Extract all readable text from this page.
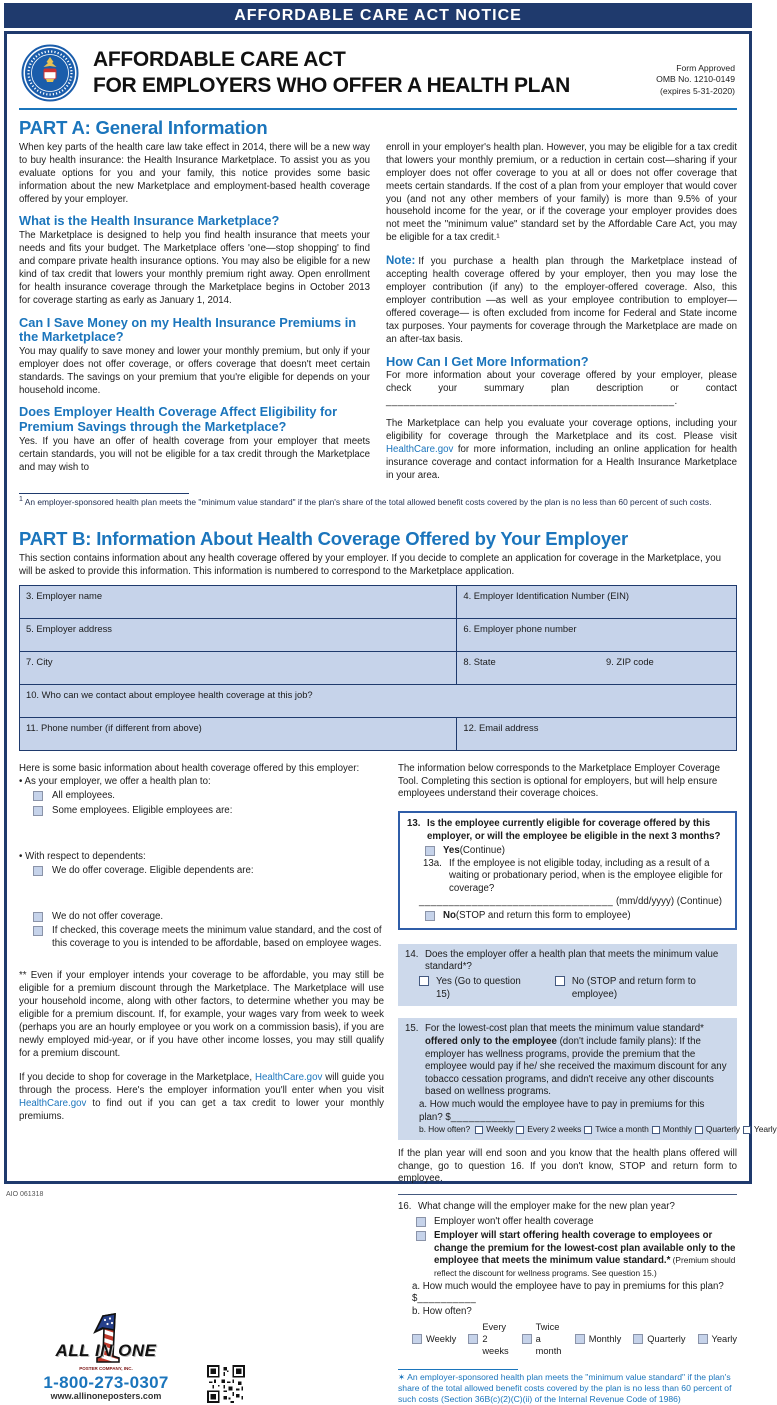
AFFORDABLE CARE ACT NOTICE
AFFORDABLE CARE ACT
FOR EMPLOYERS WHO OFFER A HEALTH PLAN
Form Approved
OMB No. 1210-0149
(expires 5-31-2020)
PART A: General Information

When key parts of the health care law take effect in 2014, there will be a new way to buy health insurance: the Health Insurance Marketplace. To assist you as you evaluate options for you and your family, this notice provides some basic information about the new Marketplace and employment-based health coverage offered by your employer.

What is the Health Insurance Marketplace?

The Marketplace is designed to help you find health insurance that meets your needs and fits your budget. The Marketplace offers 'one—stop shopping' to find and compare private health insurance options. You may also be eligible for a new kind of tax credit that lowers your monthly premium right away. Open enrollment for health insurance coverage through the Marketplace begins in October 2013 for coverage starting as early as January 1, 2014.

Can I Save Money on my Health Insurance Premiums in the Marketplace?

You may qualify to save money and lower your monthly premium, but only if your employer does not offer coverage, or offers coverage that doesn't meet certain standards. The savings on your premium that you're eligible for depends on your household income.

Does Employer Health Coverage Affect Eligibility for Premium Savings through the Marketplace?

Yes. If you have an offer of health coverage from your employer that meets certain standards, you will not be eligible for a tax credit through the Marketplace and may wish to

enroll in your employer's health plan. However, you may be eligible for a tax credit that lowers your monthly premium, or a reduction in certain cost—sharing if your employer does not offer coverage to you at all or does not offer coverage that meets certain standards. If the cost of a plan from your employer that would cover you (and not any other members of your family) is more than 9.5% of your household income for the year, or if the coverage your employer provides does not meet the "minimum value" standard set by the Affordable Care Act, you may be eligible for a tax credit.¹

Note: If you purchase a health plan through the Marketplace instead of accepting health coverage offered by your employer, then you may lose the employer contribution (if any) to the employer-offered coverage. Also, this employer contribution —as well as your employee contribution to employer—offered coverage— is often excluded from income for Federal and State income tax purposes. Your payments for coverage through the Marketplace are made on an after-tax basis.

How Can I Get More Information?

For more information about your coverage offered by your employer, please check your summary plan description or contact _________________________________________________.

The Marketplace can help you evaluate your coverage options, including your eligibility for coverage through the Marketplace and its cost. Please visit HealthCare.gov for more information, including an online application for health insurance coverage and contact information for a Health Insurance Marketplace in your area.

$^1$ An employer-sponsored health plan meets the "minimum value standard" if the plan's share of the total allowed benefit costs covered by the plan is no less than 60 percent of such costs.
PART B: Information About Health Coverage Offered by Your Employer

This section contains information about any health coverage offered by your employer. If you decide to complete an application for coverage in the Marketplace, you will be asked to provide this information. This information is numbered to correspond to the Marketplace application.

3. Employer name	4. Employer Identification Number (EIN)
5. Employer address	6. Employer phone number
7. City	8. State 9. ZIP code

10. Who can we contact about employee health coverage at this job?	
11. Phone number (if different from above)	12. Email address
Here is some basic information about health coverage offered by this employer:
• As your employer, we offer a health plan to:
All employees.
Some employees. Eligible employees are:
• With respect to dependents:
We do offer coverage. Eligible dependents are:
We do not offer coverage.
If checked, this coverage meets the minimum value standard, and the cost of this coverage to you is intended to be affordable, based on employee wages.

** Even if your employer intends your coverage to be affordable, you may still be eligible for a premium discount through the Marketplace. The Marketplace will use your household income, along with other factors, to determine whether you may be eligible for a premium discount. If, for example, your wages vary from week to week (perhaps you are an hourly employee or you work on a commission basis), if you are newly employed mid-year, or if you have other income losses, you may still qualify for a premium discount.

If you decide to shop for coverage in the Marketplace, HealthCare.gov will guide you through the process. Here's the employer information you'll enter when you visit HealthCare.gov to find out if you can get a tax credit to lower your monthly premiums.

ALL IN ONE
POSTER COMPANY, INC.
1-800-273-0307
www.allinoneposters.com

The information below corresponds to the Marketplace Employer Coverage Tool. Completing this section is optional for employers, but will help ensure employees understand their coverage choices.

13. Is the employee currently eligible for coverage offered by this employer, or will the employee be eligible in the next 3 months?
Yes(Continue)
13a. If the employee is not eligible today, including as a result of a waiting or probationary period, when is the employee eligible for coverage?
_________________________________ (mm/dd/yyyy) (Continue)
No(STOP and return this form to employee)
14. Does the employer offer a health plan that meets the minimum value standard*?
Yes (Go to question 15)
No (STOP and return form to employee)
15. For the lowest-cost plan that meets the minimum value standard* offered only to the employee (don't include family plans): If the employer has wellness programs, provide the premium that the employee would pay if he/ she received the maximum discount for any tobacco cessation programs, and didn't receive any other discounts based on wellness programs.
a. How much would the employee have to pay in premiums for this plan? $___________
b. How often? Weekly Every 2 weeks Twice a month Monthly Quarterly Yearly

If the plan year will end soon and you know that the health plans offered will change, go to question 16. If you don't know, STOP and return form to employee.

16. What change will the employer make for the new plan year?
Employer won't offer health coverage
Employer will start offering health coverage to employees or change the premium for the lowest-cost plan available only to the employee that meets the minimum value standard.* (Premium should reflect the discount for wellness programs. See question 15.)
a. How much would the employee have to pay in premiums for this plan? $__________
b. How often?
Weekly
Every 2 weeks
Twice a month
Monthly	Quarterly	Yearly
✶ An employer-sponsored health plan meets the "minimum value standard" if the plan's share of the total allowed benefit costs covered by the plan is no less than 60 percent of such costs (Section 36B(c)(2)(C)(ii) of the Internal Revenue Code of 1986)
AIO 061318
